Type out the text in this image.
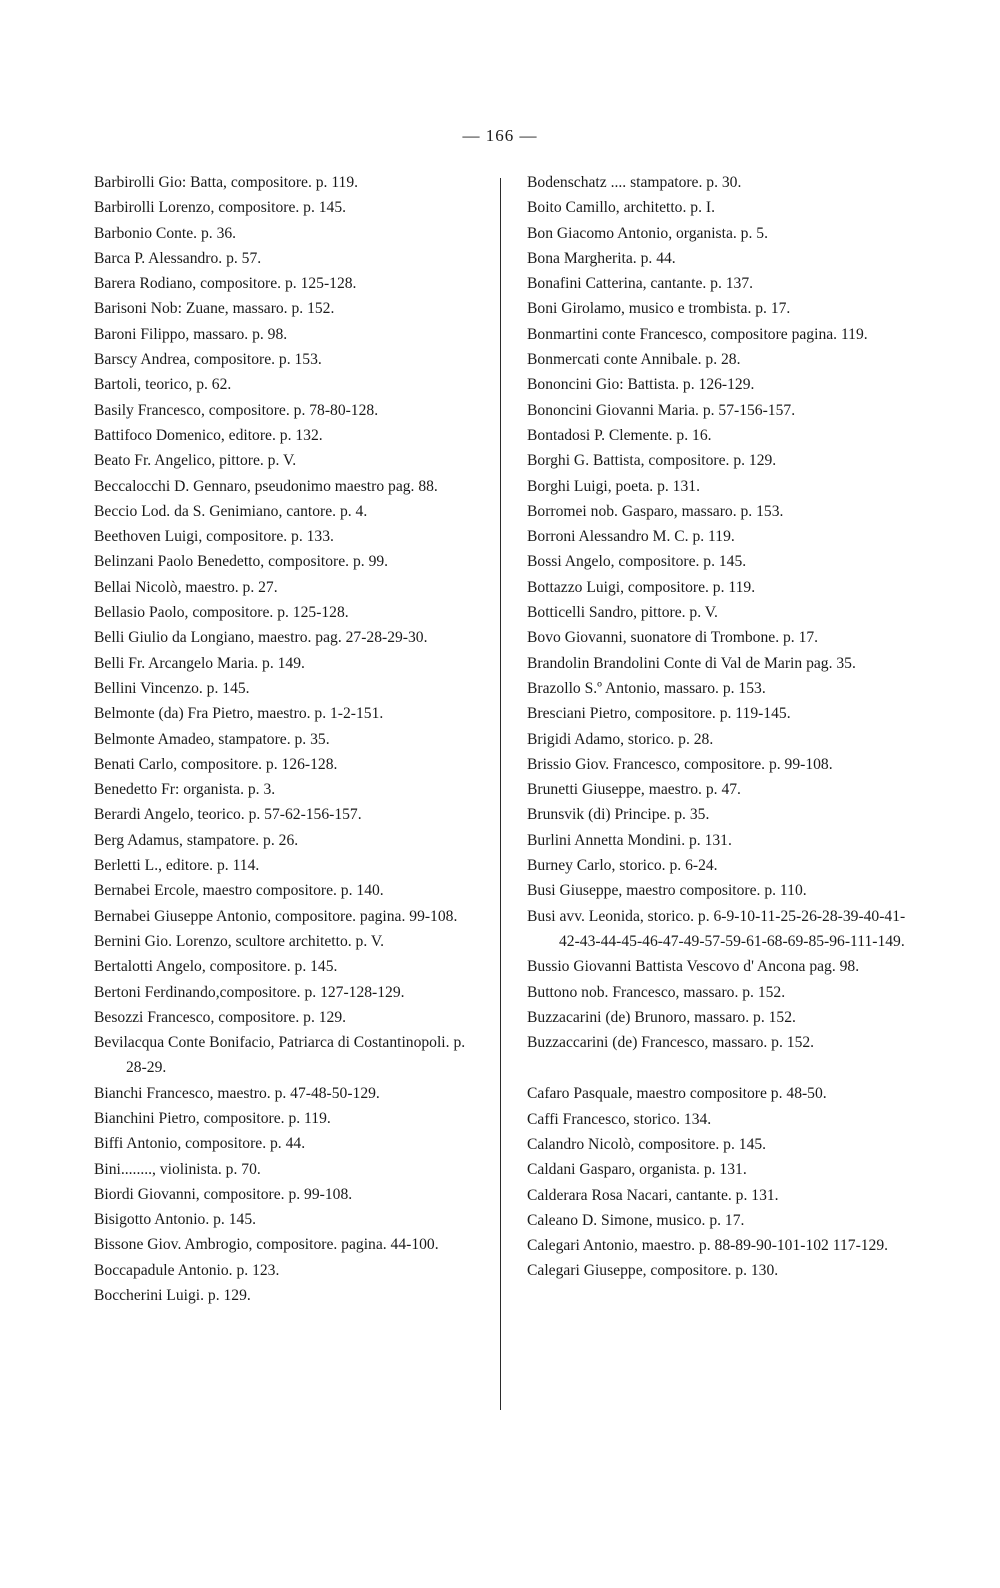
— 166 —
Barbirolli Gio: Batta, compositore. p. 119.
Barbirolli Lorenzo, compositore. p. 145.
Barbonio Conte. p. 36.
Barca P. Alessandro. p. 57.
Barera Rodiano, compositore. p. 125-128.
Barisoni Nob: Zuane, massaro. p. 152.
Baroni Filippo, massaro. p. 98.
Barscy Andrea, compositore. p. 153.
Bartoli, teorico, p. 62.
Basily Francesco, compositore. p. 78-80-128.
Battifoco Domenico, editore. p. 132.
Beato Fr. Angelico, pittore. p. V.
Beccalocchi D. Gennaro, pseudonimo maestro pag. 88.
Beccio Lod. da S. Genimiano, cantore. p. 4.
Beethoven Luigi, compositore. p. 133.
Belinzani Paolo Benedetto, compositore. p. 99.
Bellai Nicolò, maestro. p. 27.
Bellasio Paolo, compositore. p. 125-128.
Belli Giulio da Longiano, maestro. pag. 27-28-29-30.
Belli Fr. Arcangelo Maria. p. 149.
Bellini Vincenzo. p. 145.
Belmonte (da) Fra Pietro, maestro. p. 1-2-151.
Belmonte Amadeo, stampatore. p. 35.
Benati Carlo, compositore. p. 126-128.
Benedetto Fr: organista. p. 3.
Berardi Angelo, teorico. p. 57-62-156-157.
Berg Adamus, stampatore. p. 26.
Berletti L., editore. p. 114.
Bernabei Ercole, maestro compositore. p. 140.
Bernabei Giuseppe Antonio, compositore. pagina. 99-108.
Bernini Gio. Lorenzo, scultore architetto. p. V.
Bertalotti Angelo, compositore. p. 145.
Bertoni Ferdinando,compositore. p. 127-128-129.
Besozzi Francesco, compositore. p. 129.
Bevilacqua Conte Bonifacio, Patriarca di Costantinopoli. p. 28-29.
Bianchi Francesco, maestro. p. 47-48-50-129.
Bianchini Pietro, compositore. p. 119.
Biffi Antonio, compositore. p. 44.
Bini........, violinista. p. 70.
Biordi Giovanni, compositore. p. 99-108.
Bisigotto Antonio. p. 145.
Bissone Giov. Ambrogio, compositore. pagina. 44-100.
Boccapadule Antonio. p. 123.
Boccherini Luigi. p. 129.
Bodenschatz .... stampatore. p. 30.
Boito Camillo, architetto. p. I.
Bon Giacomo Antonio, organista. p. 5.
Bona Margherita. p. 44.
Bonafini Catterina, cantante. p. 137.
Boni Girolamo, musico e trombista. p. 17.
Bonmartini conte Francesco, compositore pagina. 119.
Bonmercati conte Annibale. p. 28.
Bononcini Gio: Battista. p. 126-129.
Bononcini Giovanni Maria. p. 57-156-157.
Bontadosi P. Clemente. p. 16.
Borghi G. Battista, compositore. p. 129.
Borghi Luigi, poeta. p. 131.
Borromei nob. Gasparo, massaro. p. 153.
Borroni Alessandro M. C. p. 119.
Bossi Angelo, compositore. p. 145.
Bottazzo Luigi, compositore. p. 119.
Botticelli Sandro, pittore. p. V.
Bovo Giovanni, suonatore di Trombone. p. 17.
Brandolin Brandolini Conte di Val de Marin pag. 35.
Brazollo S.º Antonio, massaro. p. 153.
Bresciani Pietro, compositore. p. 119-145.
Brigidi Adamo, storico. p. 28.
Brissio Giov. Francesco, compositore. p. 99-108.
Brunetti Giuseppe, maestro. p. 47.
Brunsvik (di) Principe. p. 35.
Burlini Annetta Mondini. p. 131.
Burney Carlo, storico. p. 6-24.
Busi Giuseppe, maestro compositore. p. 110.
Busi avv. Leonida, storico. p. 6-9-10-11-25-26-28-39-40-41-42-43-44-45-46-47-49-57-59-61-68-69-85-96-111-149.
Bussio Giovanni Battista Vescovo d' Ancona pag. 98.
Buttono nob. Francesco, massaro. p. 152.
Buzzacarini (de) Brunoro, massaro. p. 152.
Buzzaccarini (de) Francesco, massaro. p. 152.
Cafaro Pasquale, maestro compositore p. 48-50.
Caffi Francesco, storico. 134.
Calandro Nicolò, compositore. p. 145.
Caldani Gasparo, organista. p. 131.
Calderara Rosa Nacari, cantante. p. 131.
Caleano D. Simone, musico. p. 17.
Calegari Antonio, maestro. p. 88-89-90-101-102 117-129.
Calegari Giuseppe, compositore. p. 130.
